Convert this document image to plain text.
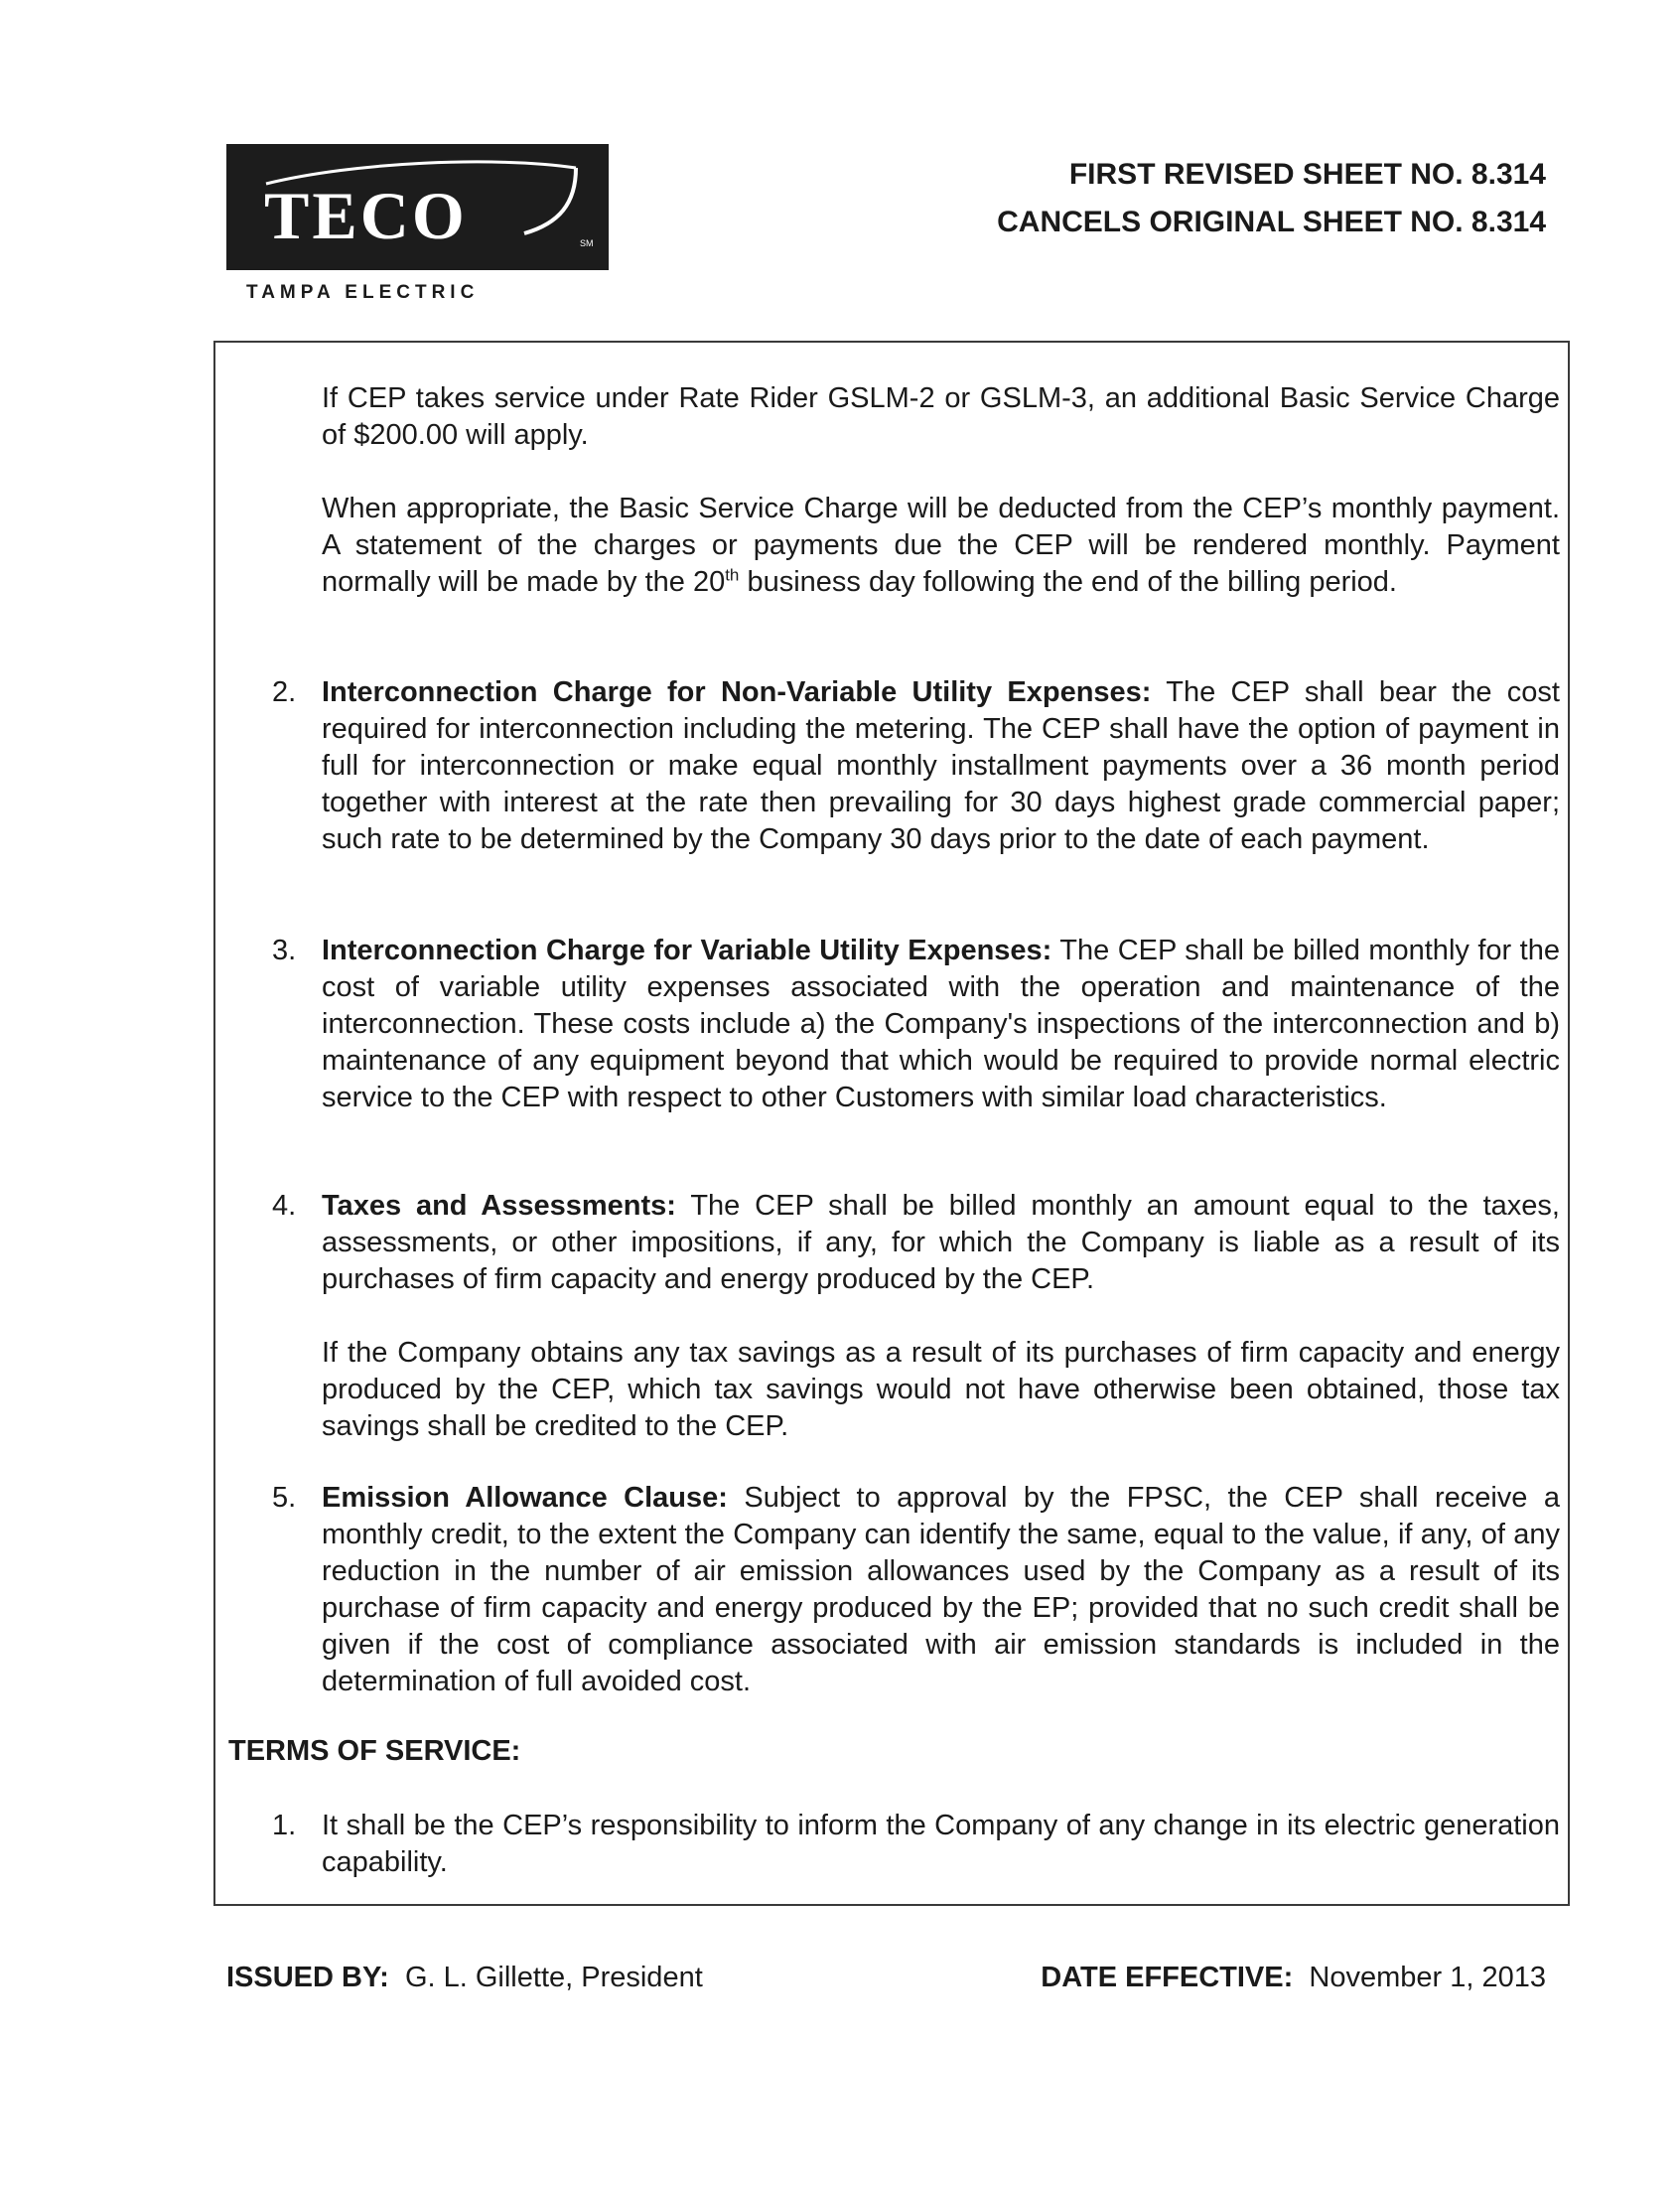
TECO	SM
TAMPA ELECTRIC
FIRST REVISED SHEET NO. 8.314
CANCELS ORIGINAL SHEET NO. 8.314
If CEP takes service under Rate Rider GSLM-2 or GSLM-3, an additional Basic Service Charge of $200.00 will apply.
When appropriate, the Basic Service Charge will be deducted from the CEP’s monthly payment. A statement of the charges or payments due the CEP will be rendered monthly. Payment normally will be made by the 20th business day following the end of the billing period.
2. Interconnection Charge for Non-Variable Utility Expenses: The CEP shall bear the cost required for interconnection including the metering. The CEP shall have the option of payment in full for interconnection or make equal monthly installment payments over a 36 month period together with interest at the rate then prevailing for 30 days highest grade commercial paper; such rate to be determined by the Company 30 days prior to the date of each payment.
3. Interconnection Charge for Variable Utility Expenses: The CEP shall be billed monthly for the cost of variable utility expenses associated with the operation and maintenance of the interconnection. These costs include a) the Company's inspections of the interconnection and b) maintenance of any equipment beyond that which would be required to provide normal electric service to the CEP with respect to other Customers with similar load characteristics.
4. Taxes and Assessments: The CEP shall be billed monthly an amount equal to the taxes, assessments, or other impositions, if any, for which the Company is liable as a result of its purchases of firm capacity and energy produced by the CEP.
If the Company obtains any tax savings as a result of its purchases of firm capacity and energy produced by the CEP, which tax savings would not have otherwise been obtained, those tax savings shall be credited to the CEP.
5. Emission Allowance Clause: Subject to approval by the FPSC, the CEP shall receive a monthly credit, to the extent the Company can identify the same, equal to the value, if any, of any reduction in the number of air emission allowances used by the Company as a result of its purchase of firm capacity and energy produced by the EP; provided that no such credit shall be given if the cost of compliance associated with air emission standards is included in the determination of full avoided cost.
TERMS OF SERVICE:
1. It shall be the CEP’s responsibility to inform the Company of any change in its electric generation capability.
ISSUED BY: G. L. Gillette, President	DATE EFFECTIVE: November 1, 2013
